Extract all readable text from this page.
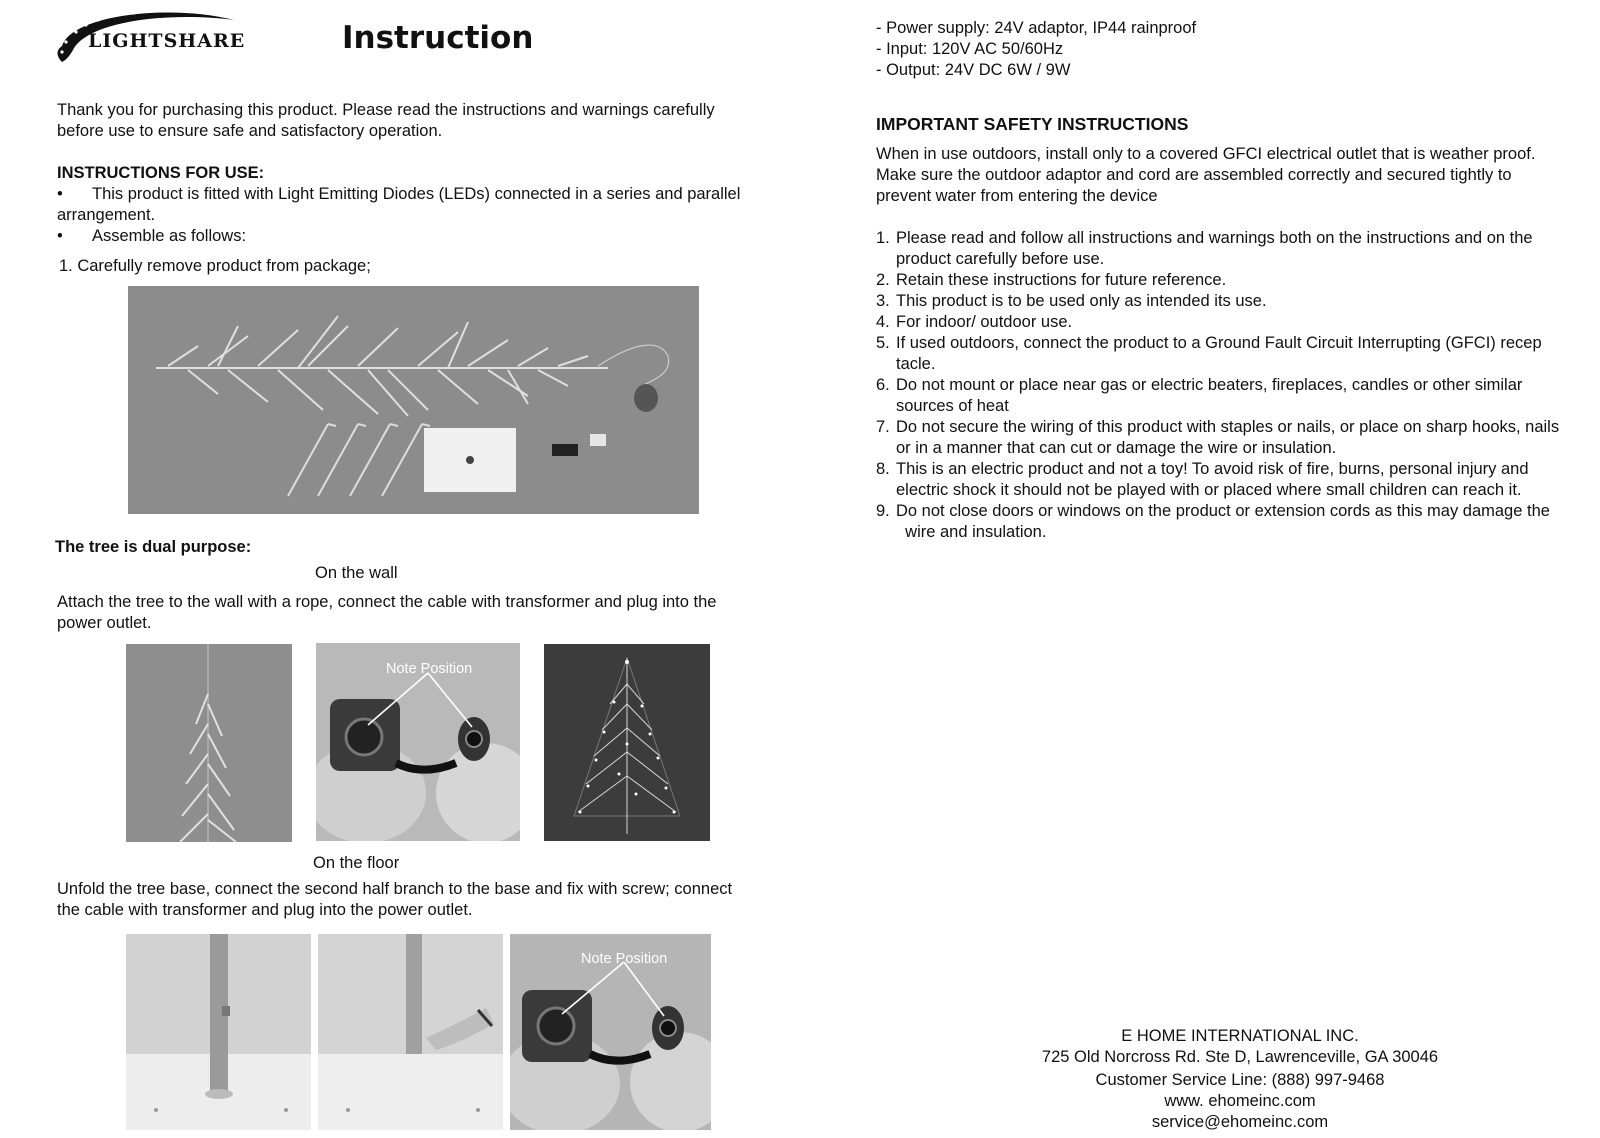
LIGHTSHARE	Instruction
Thank you for purchasing this product. Please read the instructions and warnings carefully
before use to ensure safe and satisfactory operation.
INSTRUCTIONS FOR USE:
• This product is fitted with Light Emitting Diodes (LEDs) connected in a series and parallel
arrangement.
• Assemble as follows:
1. Carefully remove product from package;
The tree is dual purpose:
On the wall
Attach the tree to the wall with a rope, connect the cable with transformer and plug into the
power outlet.
Note Position
On the floor
Unfold the tree base, connect the second half branch to the base and fix with screw; connect
the cable with transformer and plug into the power outlet.
Note Position
- Power supply: 24V adaptor, IP44 rainproof
- Input: 120V AC 50/60Hz
- Output: 24V DC 6W / 9W
IMPORTANT SAFETY INSTRUCTIONS
When in use outdoors, install only to a covered GFCI electrical outlet that is weather proof.
Make sure the outdoor adaptor and cord are assembled correctly and secured tightly to
prevent water from entering the device
1. Please read and follow all instructions and warnings both on the instructions and on the
product carefully before use.
2. Retain these instructions for future reference.
3. This product is to be used only as intended its use.
4. For indoor/ outdoor use.
5. If used outdoors, connect the product to a Ground Fault Circuit Interrupting (GFCI) recep
tacle.
6. Do not mount or place near gas or electric beaters, fireplaces, candles or other similar
sources of heat
7. Do not secure the wiring of this product with staples or nails, or place on sharp hooks, nails
or in a manner that can cut or damage the wire or insulation.
8. This is an electric product and not a toy! To avoid risk of fire, burns, personal injury and
electric shock it should not be played with or placed where small children can reach it.
9. Do not close doors or windows on the product or extension cords as this may damage the
wire and insulation.
E HOME INTERNATIONAL INC.
725 Old Norcross Rd. Ste D, Lawrenceville, GA 30046
Customer Service Line: (888) 997-9468
www. ehomeinc.com
service@ehomeinc.com
